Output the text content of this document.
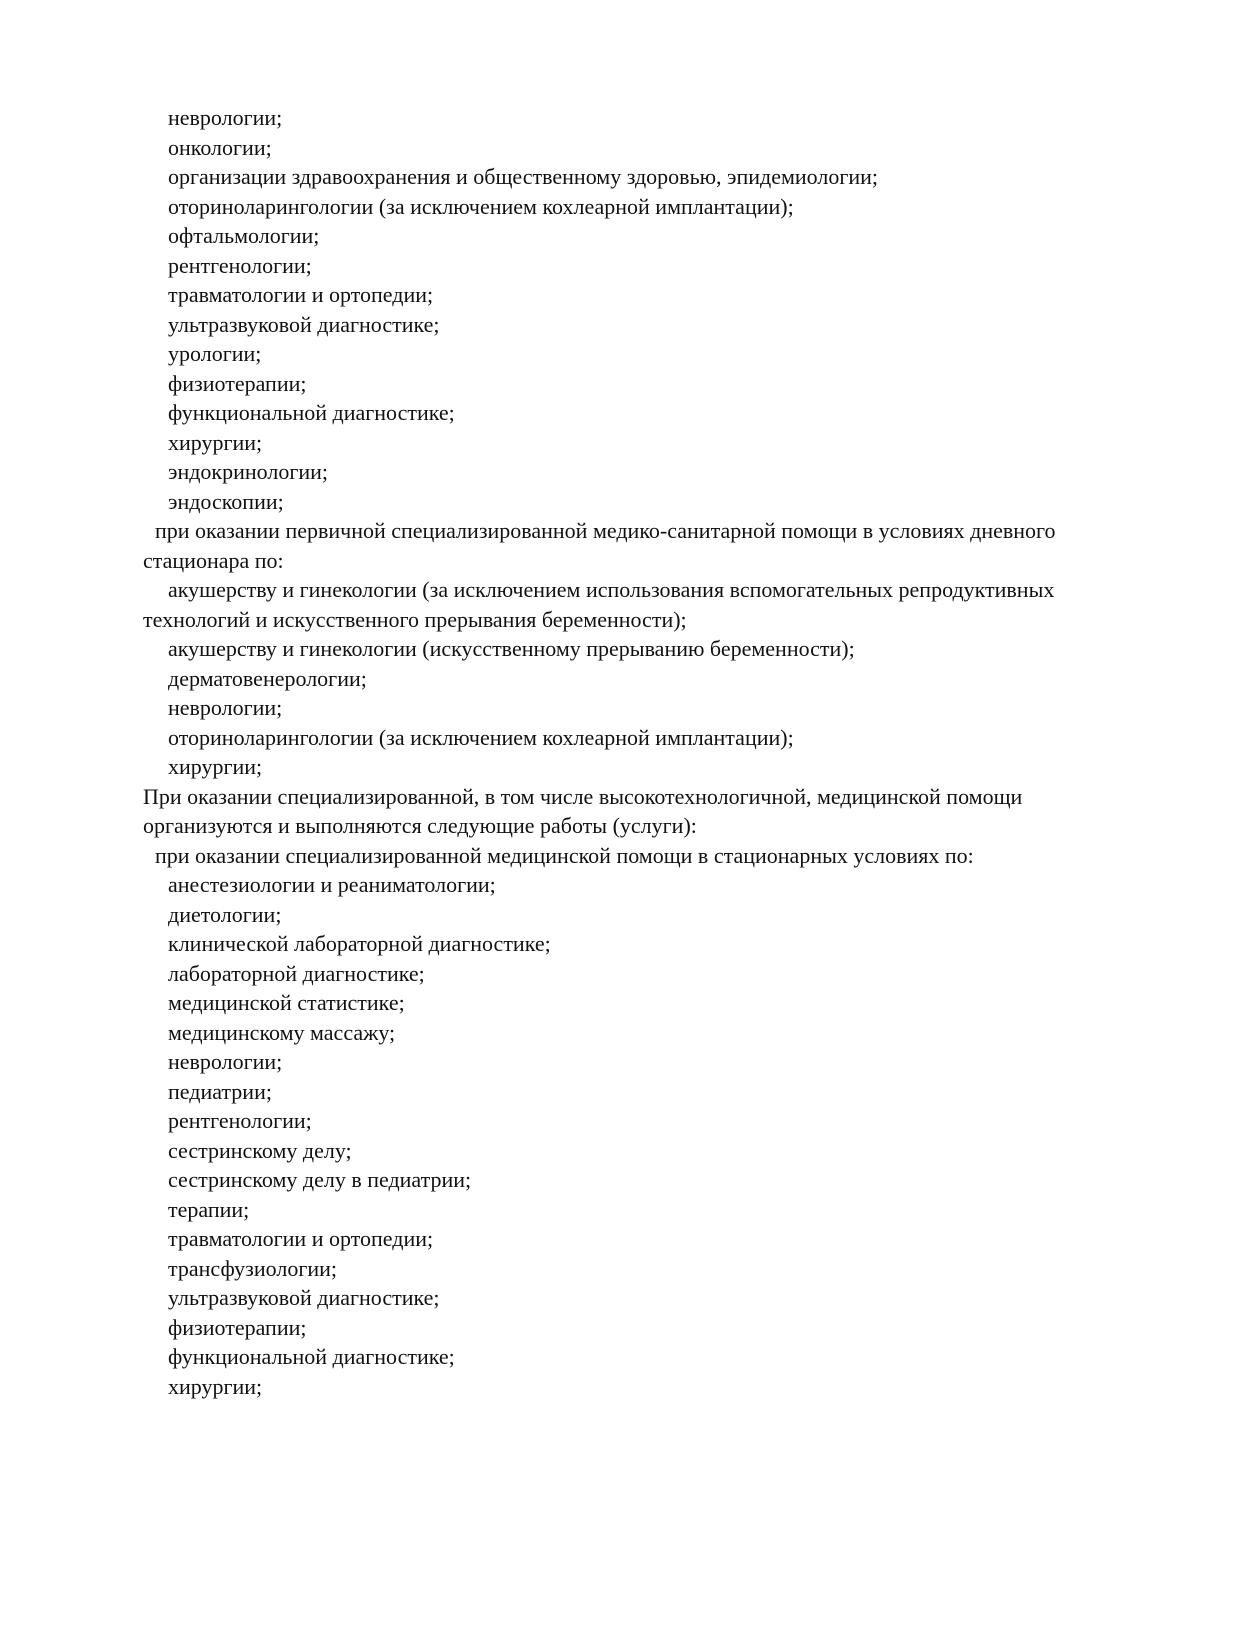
неврологии;

онкологии;

организации здравоохранения и общественному здоровью, эпидемиологии;

оториноларингологии (за исключением кохлеарной имплантации);

офтальмологии;

рентгенологии;

травматологии и ортопедии;

ультразвуковой диагностике;

урологии;

физиотерапии;

функциональной диагностике;

хирургии;

эндокринологии;

эндоскопии;

при оказании первичной специализированной медико-санитарной помощи в условиях дневного

стационара по:

акушерству и гинекологии (за исключением использования вспомогательных репродуктивных

технологий и искусственного прерывания беременности);

акушерству и гинекологии (искусственному прерыванию беременности);

дерматовенерологии;

неврологии;

оториноларингологии (за исключением кохлеарной имплантации);

хирургии;

При оказании специализированной, в том числе высокотехнологичной, медицинской помощи

организуются и выполняются следующие работы (услуги):

при оказании специализированной медицинской помощи в стационарных условиях по:

анестезиологии и реаниматологии;

диетологии;

клинической лабораторной диагностике;

лабораторной диагностике;

медицинской статистике;

медицинскому массажу;

неврологии;

педиатрии;

рентгенологии;

сестринскому делу;

сестринскому делу в педиатрии;

терапии;

травматологии и ортопедии;

трансфузиологии;

ультразвуковой диагностике;

физиотерапии;

функциональной диагностике;

хирургии;
